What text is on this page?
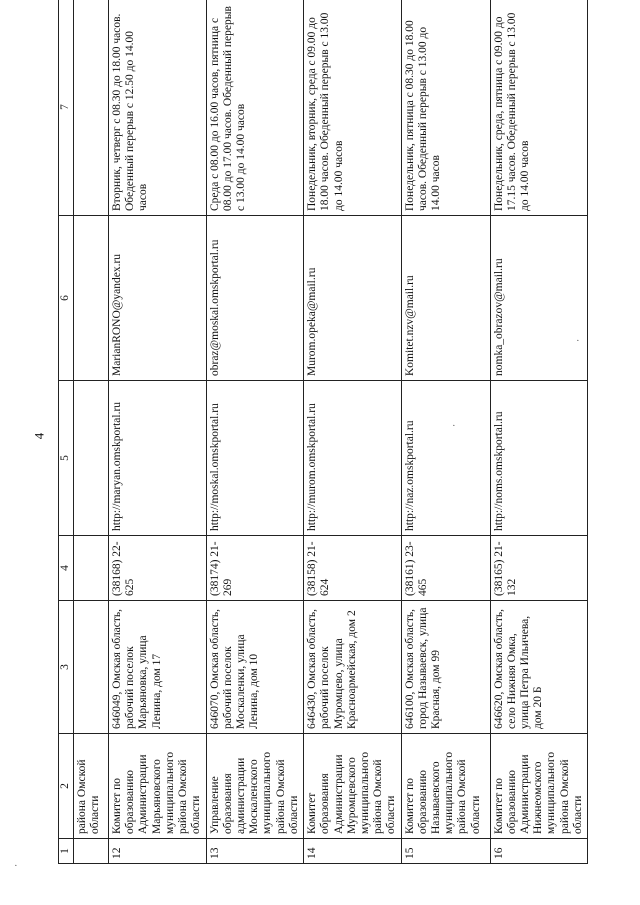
4
1	2	3	4	5	6	7
	района Омской области					
12	Комитет по образованию Администрации Марьяновского муниципального района Омской области	646049, Омская область, рабочий поселок Марьяновка, улица Ленина, дом 17	(38168) 22-625	http://maryan.omskportal.ru	MarianRONO@yandex.ru	Вторник, четверг с 08.30 до 18.00 часов. Обеденный перерыв с 12.50 до 14.00 часов
13	Управление образования администрации Москаленского муниципального района Омской области	646070, Омская область, рабочий поселок Москаленки, улица Ленина, дом 10	(38174) 21-269	http://moskal.omskportal.ru	obraz@moskal.omskportal.ru	Среда с 08.00 до 16.00 часов, пятница с 08.00 до 17.00 часов. Обеденный перерыв с 13.00 до 14.00 часов
14	Комитет образования Администрации Муромцевского муниципального района Омской области	646430, Омская область, рабочий поселок Муромцево, улица Красноармейская, дом 2	(38158) 21-624	http://murom.omskportal.ru	Murom.opeka@mail.ru	Понедельник, вторник, среда с 09.00 до 18.00 часов. Обеденный перерыв с 13.00 до 14.00 часов
15	Комитет по образованию Называевского муниципального района Омской области	646100, Омская область, город Называевск, улица Красная, дом 99	(38161) 23-465	http://naz.omskportal.ru	Komitet.nzv@mail.ru	Понедельник, пятница с 08.30 до 18.00 часов. Обеденный перерыв с 13.00 до 14.00 часов
16	Комитет по образованию Администрации Нижнеомского муниципального района Омской области	646620, Омская область, село Нижняя Омка, улица Петра Ильичева, дом 20 Б	(38165) 21-132	http://noms.omskportal.ru	nomka_obrazov@mail.ru	Понедельник, среда, пятница с 09.00 до 17.15 часов. Обеденный перерыв с 13.00 до 14.00 часов
·
·
·
